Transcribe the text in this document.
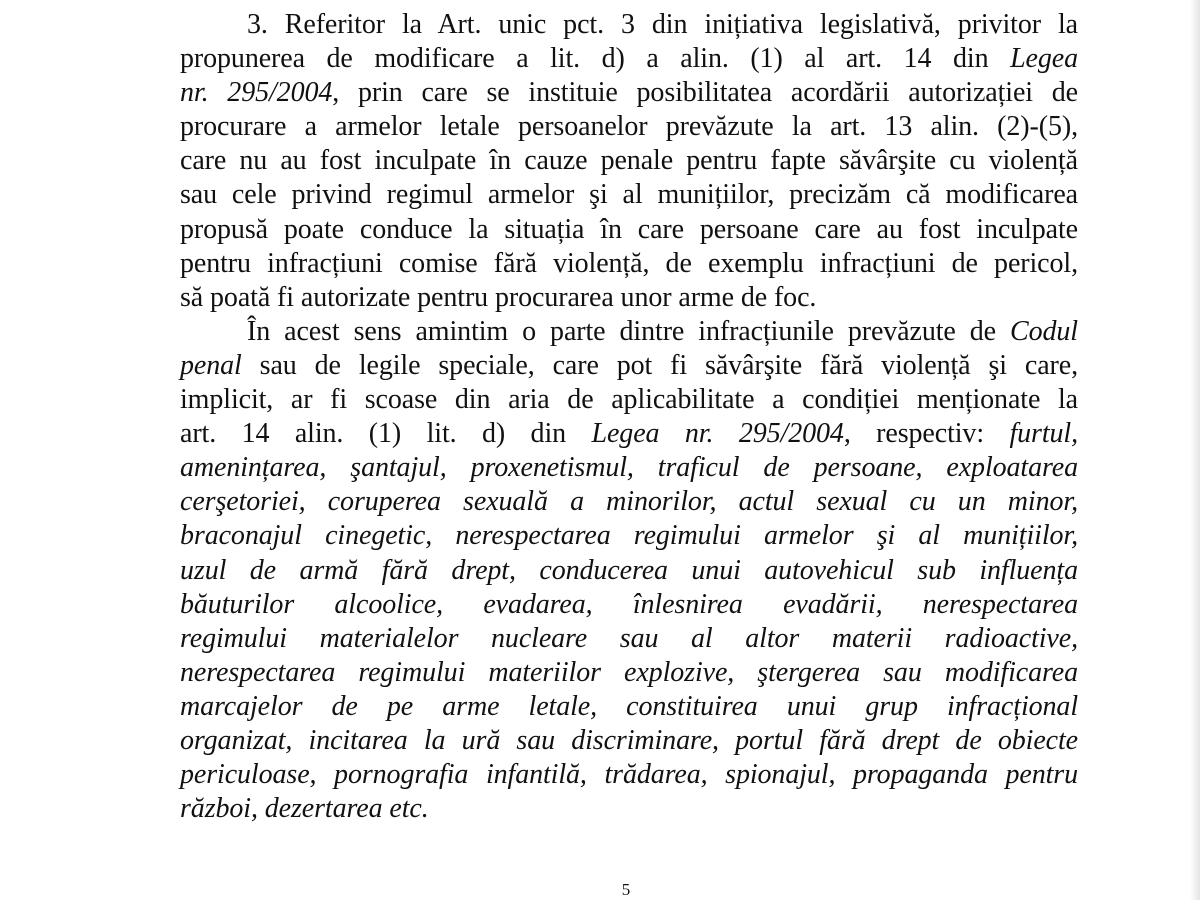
3. Referitor la Art. unic pct. 3 din inițiativa legislativă, privitor la
propunerea de modificare a lit. d) a alin. (1) al art. 14 din Legea
nr. 295/2004, prin care se instituie posibilitatea acordării autorizației de
procurare a armelor letale persoanelor prevăzute la art. 13 alin. (2)-(5),
care nu au fost inculpate în cauze penale pentru fapte săvârşite cu violență
sau cele privind regimul armelor şi al munițiilor, precizăm că modificarea
propusă poate conduce la situația în care persoane care au fost inculpate
pentru infracțiuni comise fără violență, de exemplu infracțiuni de pericol,
să poată fi autorizate pentru procurarea unor arme de foc.
În acest sens amintim o parte dintre infracțiunile prevăzute de Codul
penal sau de legile speciale, care pot fi săvârşite fără violență şi care,
implicit, ar fi scoase din aria de aplicabilitate a condiției menționate la
art. 14 alin. (1) lit. d) din Legea nr. 295/2004, respectiv: furtul,
amenințarea, şantajul, proxenetismul, traficul de persoane, exploatarea
cerşetoriei, coruperea sexuală a minorilor, actul sexual cu un minor,
braconajul cinegetic, nerespectarea regimului armelor şi al munițiilor,
uzul de armă fără drept, conducerea unui autovehicul sub influența
băuturilor alcoolice, evadarea, înlesnirea evadării, nerespectarea
regimului materialelor nucleare sau al altor materii radioactive,
nerespectarea regimului materiilor explozive, ştergerea sau modificarea
marcajelor de pe arme letale, constituirea unui grup infracțional
organizat, incitarea la ură sau discriminare, portul fără drept de obiecte
periculoase, pornografia infantilă, trădarea, spionajul, propaganda pentru
război, dezertarea etc.
5
